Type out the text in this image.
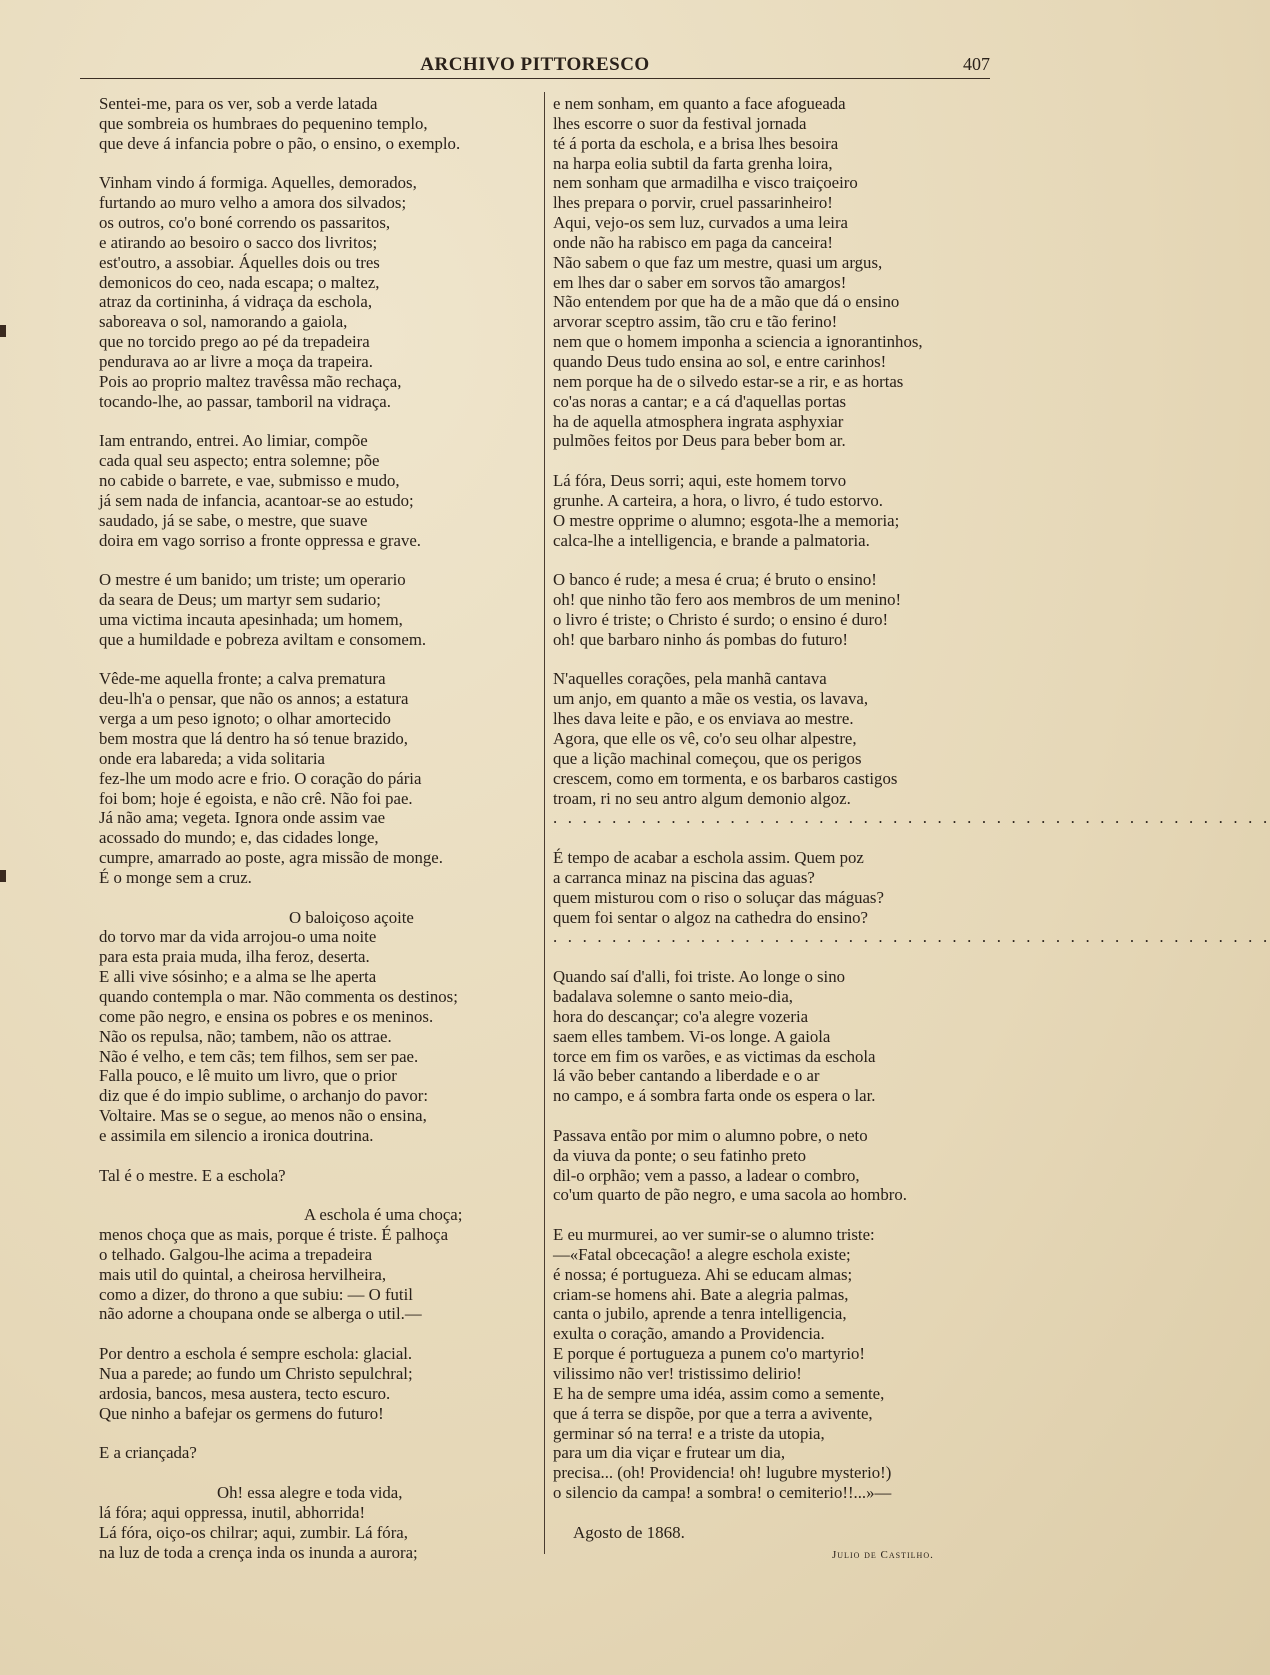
ARCHIVO PITTORESCO	407
Sentei-me, para os ver, sob a verde latada
que sombreia os humbraes do pequenino templo,
que deve á infancia pobre o pão, o ensino, o exemplo.
Vinham vindo á formiga. Aquelles, demorados,
furtando ao muro velho a amora dos silvados;
os outros, co'o boné correndo os passaritos,
e atirando ao besoiro o sacco dos livritos;
est'outro, a assobiar. Áquelles dois ou tres
demonicos do ceo, nada escapa; o maltez,
atraz da cortininha, á vidraça da eschola,
saboreava o sol, namorando a gaiola,
que no torcido prego ao pé da trepadeira
pendurava ao ar livre a moça da trapeira.
Pois ao proprio maltez travêssa mão rechaça,
tocando-lhe, ao passar, tamboril na vidraça.
Iam entrando, entrei. Ao limiar, compõe
cada qual seu aspecto; entra solemne; põe
no cabide o barrete, e vae, submisso e mudo,
já sem nada de infancia, acantoar-se ao estudo;
saudado, já se sabe, o mestre, que suave
doira em vago sorriso a fronte oppressa e grave.
O mestre é um banido; um triste; um operario
da seara de Deus; um martyr sem sudario;
uma victima incauta apesinhada; um homem,
que a humildade e pobreza aviltam e consomem.
Vêde-me aquella fronte; a calva prematura
deu-lh'a o pensar, que não os annos; a estatura
verga a um peso ignoto; o olhar amortecido
bem mostra que lá dentro ha só tenue brazido,
onde era labareda; a vida solitaria
fez-lhe um modo acre e frio. O coração do pária
foi bom; hoje é egoista, e não crê. Não foi pae.
Já não ama; vegeta. Ignora onde assim vae
acossado do mundo; e, das cidades longe,
cumpre, amarrado ao poste, agra missão de monge.
É o monge sem a cruz.
O baloiçoso açoite
do torvo mar da vida arrojou-o uma noite
para esta praia muda, ilha feroz, deserta.
E alli vive sósinho; e a alma se lhe aperta
quando contempla o mar. Não commenta os destinos;
come pão negro, e ensina os pobres e os meninos.
Não os repulsa, não; tambem, não os attrae.
Não é velho, e tem cãs; tem filhos, sem ser pae.
Falla pouco, e lê muito um livro, que o prior
diz que é do impio sublime, o archanjo do pavor:
Voltaire. Mas se o segue, ao menos não o ensina,
e assimila em silencio a ironica doutrina.
Tal é o mestre. E a eschola?
A eschola é uma choça;
menos choça que as mais, porque é triste. É palhoça
o telhado. Galgou-lhe acima a trepadeira
mais util do quintal, a cheirosa hervilheira,
como a dizer, do throno a que subiu: — O futil
não adorne a choupana onde se alberga o util.—
Por dentro a eschola é sempre eschola: glacial.
Nua a parede; ao fundo um Christo sepulchral;
ardosia, bancos, mesa austera, tecto escuro.
Que ninho a bafejar os germens do futuro!
E a criançada?
Oh! essa alegre e toda vida,
lá fóra; aqui oppressa, inutil, abhorrida!
Lá fóra, oiço-os chilrar; aqui, zumbir. Lá fóra,
na luz de toda a crença inda os inunda a aurora;
e nem sonham, em quanto a face afogueada
lhes escorre o suor da festival jornada
té á porta da eschola, e a brisa lhes besoira
na harpa eolia subtil da farta grenha loira,
nem sonham que armadilha e visco traiçoeiro
lhes prepara o porvir, cruel passarinheiro!
Aqui, vejo-os sem luz, curvados a uma leira
onde não ha rabisco em paga da canceira!
Não sabem o que faz um mestre, quasi um argus,
em lhes dar o saber em sorvos tão amargos!
Não entendem por que ha de a mão que dá o ensino
arvorar sceptro assim, tão cru e tão ferino!
nem que o homem imponha a sciencia a ignorantinhos,
quando Deus tudo ensina ao sol, e entre carinhos!
nem porque ha de o silvedo estar-se a rir, e as hortas
co'as noras a cantar; e a cá d'aquellas portas
ha de aquella atmosphera ingrata asphyxiar
pulmões feitos por Deus para beber bom ar.
Lá fóra, Deus sorri; aqui, este homem torvo
grunhe. A carteira, a hora, o livro, é tudo estorvo.
O mestre opprime o alumno; esgota-lhe a memoria;
calca-lhe a intelligencia, e brande a palmatoria.
O banco é rude; a mesa é crua; é bruto o ensino!
oh! que ninho tão fero aos membros de um menino!
o livro é triste; o Christo é surdo; o ensino é duro!
oh! que barbaro ninho ás pombas do futuro!
N'aquelles corações, pela manhã cantava
um anjo, em quanto a mãe os vestia, os lavava,
lhes dava leite e pão, e os enviava ao mestre.
Agora, que elle os vê, co'o seu olhar alpestre,
que a lição machinal começou, que os perigos
crescem, como em tormenta, e os barbaros castigos
troam, ri no seu antro algum demonio algoz.
. . . . . . . . . . . . . . . . . . . . . . . . . . . . . . . . . . . . . . . . . . . . . . . . .
É tempo de acabar a eschola assim. Quem poz
a carranca minaz na piscina das aguas?
quem misturou com o riso o soluçar das máguas?
quem foi sentar o algoz na cathedra do ensino?
. . . . . . . . . . . . . . . . . . . . . . . . . . . . . . . . . . . . . . . . . . . . . . . . .
Quando saí d'alli, foi triste. Ao longe o sino
badalava solemne o santo meio-dia,
hora do descançar; co'a alegre vozeria
saem elles tambem. Vi-os longe. A gaiola
torce em fim os varões, e as victimas da eschola
lá vão beber cantando a liberdade e o ar
no campo, e á sombra farta onde os espera o lar.
Passava então por mim o alumno pobre, o neto
da viuva da ponte; o seu fatinho preto
dil-o orphão; vem a passo, a ladear o combro,
co'um quarto de pão negro, e uma sacola ao hombro.
E eu murmurei, ao ver sumir-se o alumno triste:
—«Fatal obcecação! a alegre eschola existe;
é nossa; é portugueza. Ahi se educam almas;
criam-se homens ahi. Bate a alegria palmas,
canta o jubilo, aprende a tenra intelligencia,
exulta o coração, amando a Providencia.
E porque é portugueza a punem co'o martyrio!
vilissimo não ver! tristissimo delirio!
E ha de sempre uma idéa, assim como a semente,
que á terra se dispõe, por que a terra a avivente,
germinar só na terra! e a triste da utopia,
para um dia viçar e frutear um dia,
precisa... (oh! Providencia! oh! lugubre mysterio!)
o silencio da campa! a sombra! o cemiterio!!...»—
Agosto de 1868.
Julio de Castilho.
